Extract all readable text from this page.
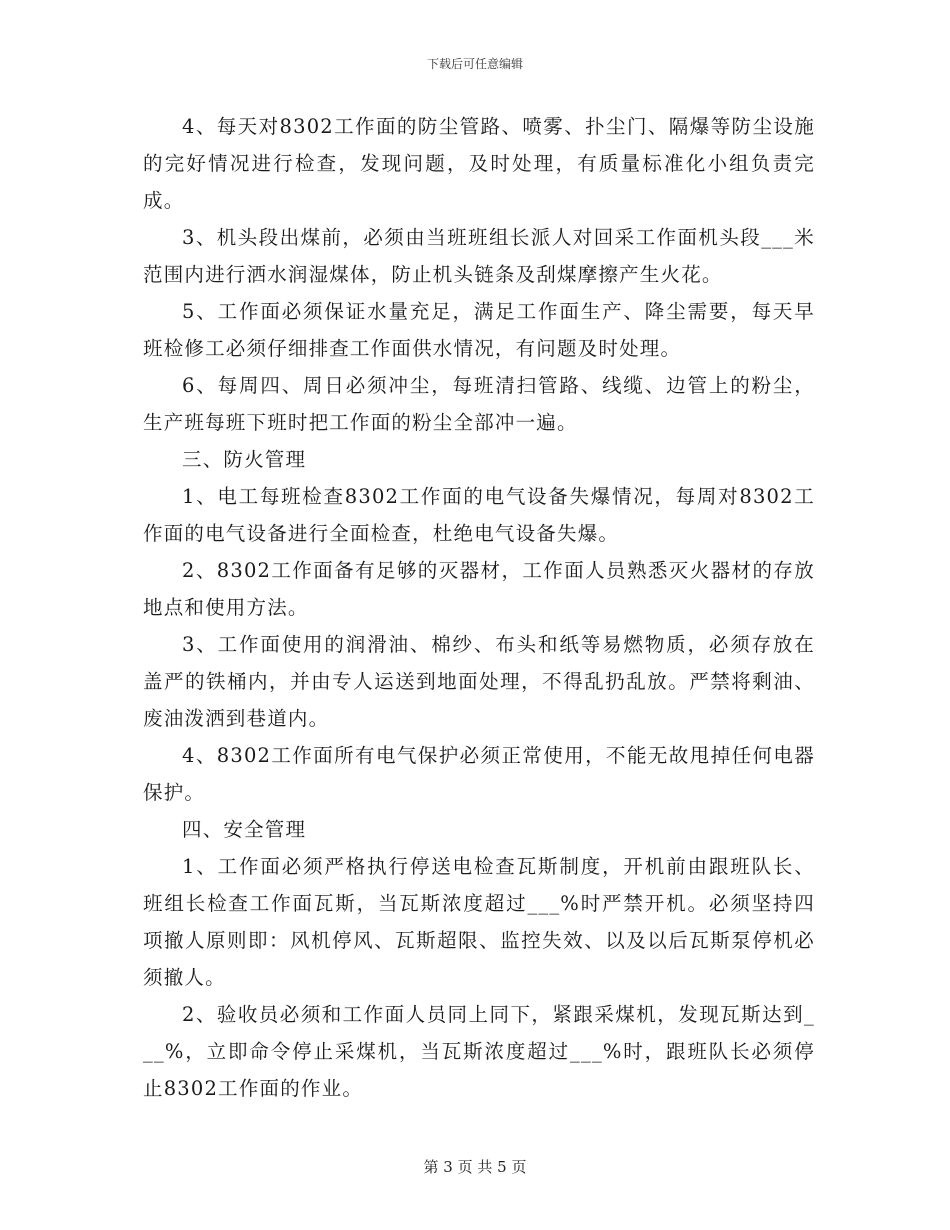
下载后可任意编辑

4、每天对8302工作面的防尘管路、喷雾、扑尘门、隔爆等防尘设施的完好情况进行检查，发现问题，及时处理，有质量标准化小组负责完成。

3、机头段出煤前，必须由当班班组长派人对回采工作面机头段___米范围内进行洒水润湿煤体，防止机头链条及刮煤摩擦产生火花。

5、工作面必须保证水量充足，满足工作面生产、降尘需要，每天早班检修工必须仔细排查工作面供水情况，有问题及时处理。

6、每周四、周日必须冲尘，每班清扫管路、线缆、边管上的粉尘，生产班每班下班时把工作面的粉尘全部冲一遍。

三、防火管理

1、电工每班检查8302工作面的电气设备失爆情况，每周对8302工作面的电气设备进行全面检查，杜绝电气设备失爆。

2、8302工作面备有足够的灭器材，工作面人员熟悉灭火器材的存放地点和使用方法。

3、工作面使用的润滑油、棉纱、布头和纸等易燃物质，必须存放在盖严的铁桶内，并由专人运送到地面处理，不得乱扔乱放。严禁将剩油、废油泼洒到巷道内。

4、8302工作面所有电气保护必须正常使用，不能无故甩掉任何电器保护。

四、安全管理

1、工作面必须严格执行停送电检查瓦斯制度，开机前由跟班队长、班组长检查工作面瓦斯，当瓦斯浓度超过___%时严禁开机。必须坚持四项撤人原则即：风机停风、瓦斯超限、监控失效、以及以后瓦斯泵停机必须撤人。

2、验收员必须和工作面人员同上同下，紧跟采煤机，发现瓦斯达到___%，立即命令停止采煤机，当瓦斯浓度超过___%时，跟班队长必须停止8302工作面的作业。

第 3 页 共 5 页
